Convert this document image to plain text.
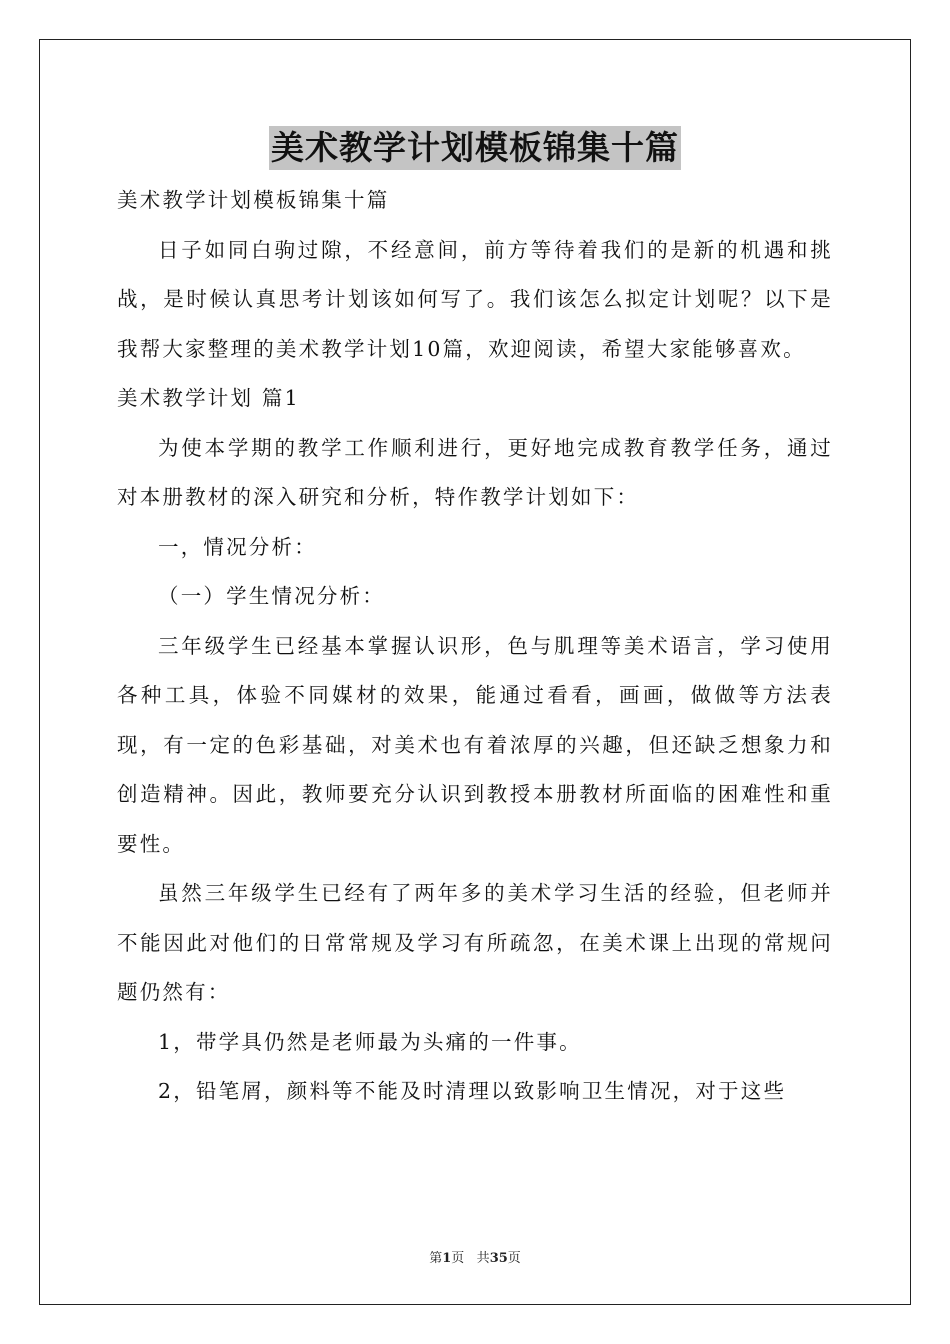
美术教学计划模板锦集十篇

美术教学计划模板锦集十篇

日子如同白驹过隙，不经意间，前方等待着我们的是新的机遇和挑战，是时候认真思考计划该如何写了。我们该怎么拟定计划呢？以下是我帮大家整理的美术教学计划10篇，欢迎阅读，希望大家能够喜欢。

美术教学计划 篇1

为使本学期的教学工作顺利进行，更好地完成教育教学任务，通过对本册教材的深入研究和分析，特作教学计划如下：

一，情况分析：

（一）学生情况分析：

三年级学生已经基本掌握认识形，色与肌理等美术语言，学习使用各种工具，体验不同媒材的效果，能通过看看，画画，做做等方法表现，有一定的色彩基础，对美术也有着浓厚的兴趣，但还缺乏想象力和创造精神。因此，教师要充分认识到教授本册教材所面临的困难性和重要性。

虽然三年级学生已经有了两年多的美术学习生活的经验，但老师并不能因此对他们的日常常规及学习有所疏忽，在美术课上出现的常规问题仍然有：

1，带学具仍然是老师最为头痛的一件事。

2，铅笔屑，颜料等不能及时清理以致影响卫生情况，对于这些

第1页 共35页
